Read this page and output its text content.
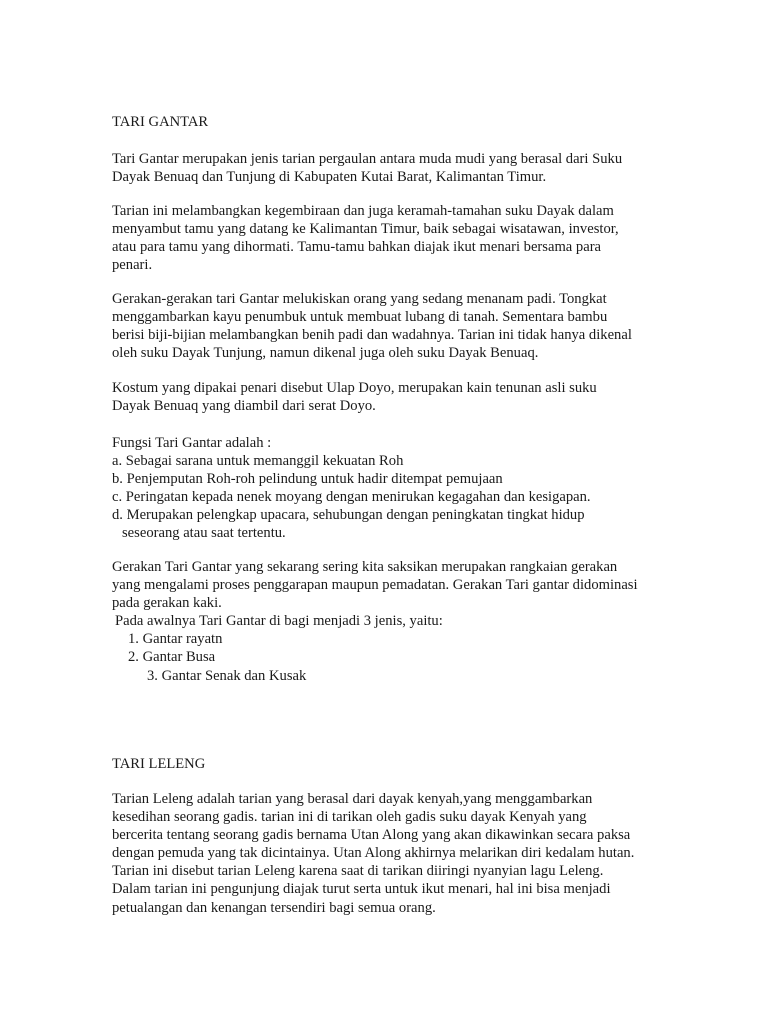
TARI GANTAR
Tari Gantar merupakan jenis tarian pergaulan antara muda mudi yang berasal dari Suku
Dayak Benuaq dan Tunjung di Kabupaten Kutai Barat, Kalimantan Timur.
Tarian ini melambangkan kegembiraan dan juga keramah-tamahan suku Dayak dalam
menyambut tamu yang datang ke Kalimantan Timur, baik sebagai wisatawan, investor,
atau para tamu yang dihormati. Tamu-tamu bahkan diajak ikut menari bersama para
penari.
Gerakan-gerakan tari Gantar melukiskan orang yang sedang menanam padi. Tongkat
menggambarkan kayu penumbuk untuk membuat lubang di tanah. Sementara bambu
berisi biji-bijian melambangkan benih padi dan wadahnya. Tarian ini tidak hanya dikenal
oleh suku Dayak Tunjung, namun dikenal juga oleh suku Dayak Benuaq.
Kostum yang dipakai penari disebut Ulap Doyo, merupakan kain tenunan asli suku
Dayak Benuaq yang diambil dari serat Doyo.
Fungsi Tari Gantar adalah :
a. Sebagai sarana untuk memanggil kekuatan Roh
b. Penjemputan Roh-roh pelindung untuk hadir ditempat pemujaan
c. Peringatan kepada nenek moyang dengan menirukan kegagahan dan kesigapan.
d. Merupakan pelengkap upacara, sehubungan dengan peningkatan tingkat hidup
seseorang atau saat tertentu.
Gerakan Tari Gantar yang sekarang sering kita saksikan merupakan rangkaian gerakan
yang mengalami proses penggarapan maupun pemadatan. Gerakan Tari gantar didominasi
pada gerakan kaki.
Pada awalnya Tari Gantar di bagi menjadi 3 jenis, yaitu:
1. Gantar rayatn
2. Gantar Busa
3. Gantar Senak dan Kusak
TARI LELENG
Tarian Leleng adalah tarian yang berasal dari dayak kenyah,yang menggambarkan
kesedihan seorang gadis. tarian ini di tarikan oleh gadis suku dayak Kenyah yang
bercerita tentang seorang gadis bernama Utan Along yang akan dikawinkan secara paksa
dengan pemuda yang tak dicintainya. Utan Along akhirnya melarikan diri kedalam hutan.
Tarian ini disebut tarian Leleng karena saat di tarikan diiringi nyanyian lagu Leleng.
Dalam tarian ini pengunjung diajak turut serta untuk ikut menari, hal ini bisa menjadi
petualangan dan kenangan tersendiri bagi semua orang.
